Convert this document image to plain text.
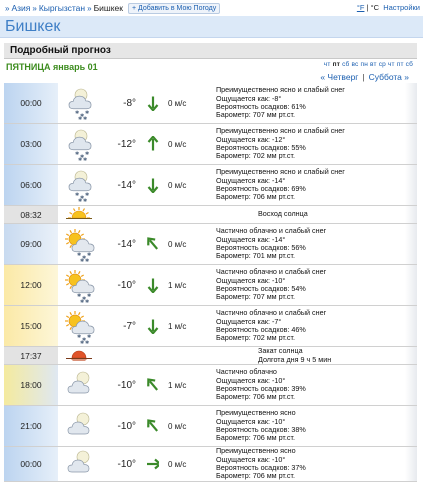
» Азия » Кыргызстан » Бишкек	+ Добавить в Мою Погоду	°F | °C Настройки
Бишкек
Подробный прогноз
ПЯТНИЦА январь 01	чт пт сб вс пн вт ср чт пт сб
« Четверг | Суббота »
00:00
✱ ✱ ✱
✱ ✱
-8°	0 м/с
Преимущественно ясно и слабый снег
Ощущается как: -8°
Вероятность осадков: 61%
Барометр: 707 мм рт.ст.
03:00
✱ ✱ ✱
✱ ✱
-12°	0 м/с
Преимущественно ясно и слабый снег
Ощущается как: -12°
Вероятность осадков: 55%
Барометр: 702 мм рт.ст.
06:00
✱ ✱ ✱
✱ ✱
-14°	0 м/с
Преимущественно ясно и слабый снег
Ощущается как: -14°
Вероятность осадков: 69%
Барометр: 706 мм рт.ст.
08:32	Восход солнца
09:00
✱ ✱ ✱
✱ ✱
-14°	0 м/с
Частично облачно и слабый снег
Ощущается как: -14°
Вероятность осадков: 56%
Барометр: 701 мм рт.ст.
12:00
✱ ✱ ✱
✱ ✱
-10°	1 м/с
Частично облачно и слабый снег
Ощущается как: -10°
Вероятность осадков: 54%
Барометр: 707 мм рт.ст.
15:00
✱ ✱ ✱
✱ ✱
-7°	1 м/с
Частично облачно и слабый снег
Ощущается как: -7°
Вероятность осадков: 46%
Барометр: 702 мм рт.ст.
17:37	Закат солнца
Долгота дня 9 ч 5 мин
18:00	-10°	1 м/с
Частично облачно
Ощущается как: -10°
Вероятность осадков: 39%
Барометр: 706 мм рт.ст.
21:00	-10°	0 м/с
Преимущественно ясно
Ощущается как: -10°
Вероятность осадков: 38%
Барометр: 706 мм рт.ст.
00:00	-10°	0 м/с
Преимущественно ясно
Ощущается как: -10°
Вероятность осадков: 37%
Барометр: 706 мм рт.ст.
